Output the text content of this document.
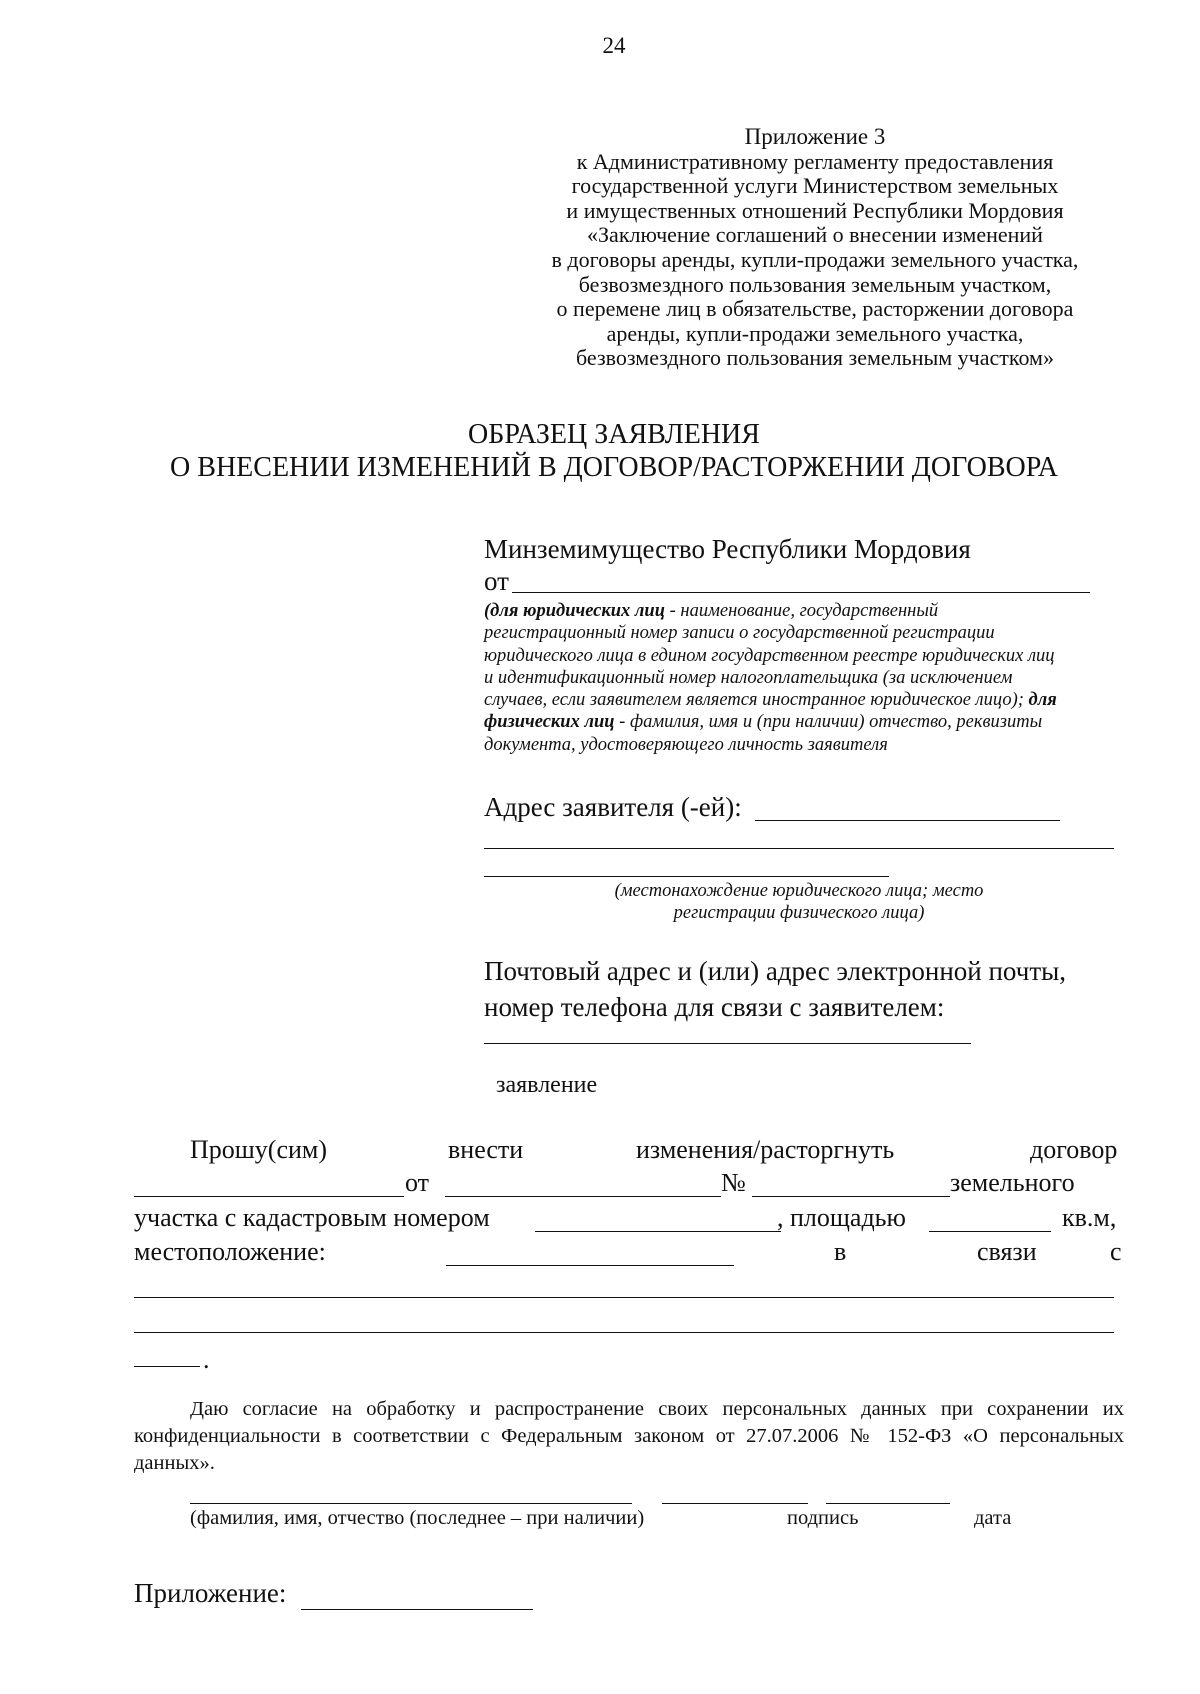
24
Приложение 3
к Административному регламенту предоставления
государственной услуги Министерством земельных
и имущественных отношений Республики Мордовия
«Заключение соглашений о внесении изменений
в договоры аренды, купли-продажи земельного участка,
безвозмездного пользования земельным участком,
о перемене лиц в обязательстве, расторжении договора
аренды, купли-продажи земельного участка,
безвозмездного пользования земельным участком»
ОБРАЗЕЦ ЗАЯВЛЕНИЯ
О ВНЕСЕНИИ ИЗМЕНЕНИЙ В ДОГОВОР/РАСТОРЖЕНИИ ДОГОВОРА
Минземимущество Республики Мордовия
от
(для юридических лиц - наименование, государственный
регистрационный номер записи о государственной регистрации
юридического лица в едином государственном реестре юридических лиц
и идентификационный номер налогоплательщика (за исключением
случаев, если заявителем является иностранное юридическое лицо); для
физических лиц - фамилия, имя и (при наличии) отчество, реквизиты
документа, удостоверяющего личность заявителя
Адрес заявителя (-ей):
(местонахождение юридического лица; место
регистрации физического лица)
Почтовый адрес и (или) адрес электронной почты,
номер телефона для связи с заявителем:
заявление
Прошу(сим)	внести	изменения/расторгнуть	договор
от	№	земельного
участка с кадастровым номером	, площадью	кв.м,
местоположение:	в	связи	с
.
Даю согласие на обработку и распространение своих персональных данных при сохранении их конфиденциальности в соответствии с Федеральным законом от 27.07.2006 № 152-ФЗ «О персональных данных».
(фамилия, имя, отчество (последнее – при наличии)	подпись	дата
Приложение:
